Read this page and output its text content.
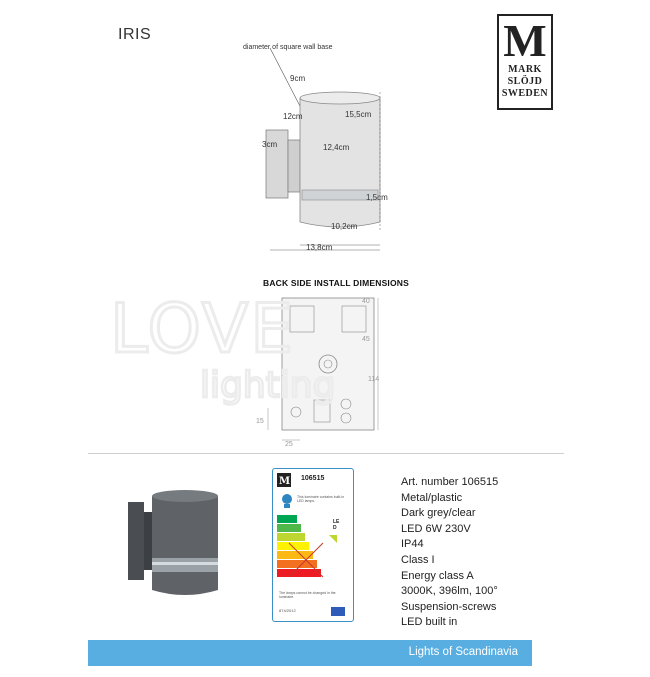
IRIS	M
MARK
SLÖJD
SWEDEN
diameter of square wall base
9cm
12cm	15,5cm
3cm	12,4cm
1,5cm
10,2cm
13,8cm
BACK SIDE INSTALL DIMENSIONS
40
45
114
15
25
LOVE
lighting
M 106515
This luminaire contains built-in LED lamps.
LED
The lamps cannot be changed in the luminaire.
874/2012
Art. number 106515
Metal/plastic
Dark grey/clear
LED 6W 230V
IP44
Class I
Energy class A
3000K, 396lm, 100°
Suspension-screws
LED built in
Lights of Scandinavia
